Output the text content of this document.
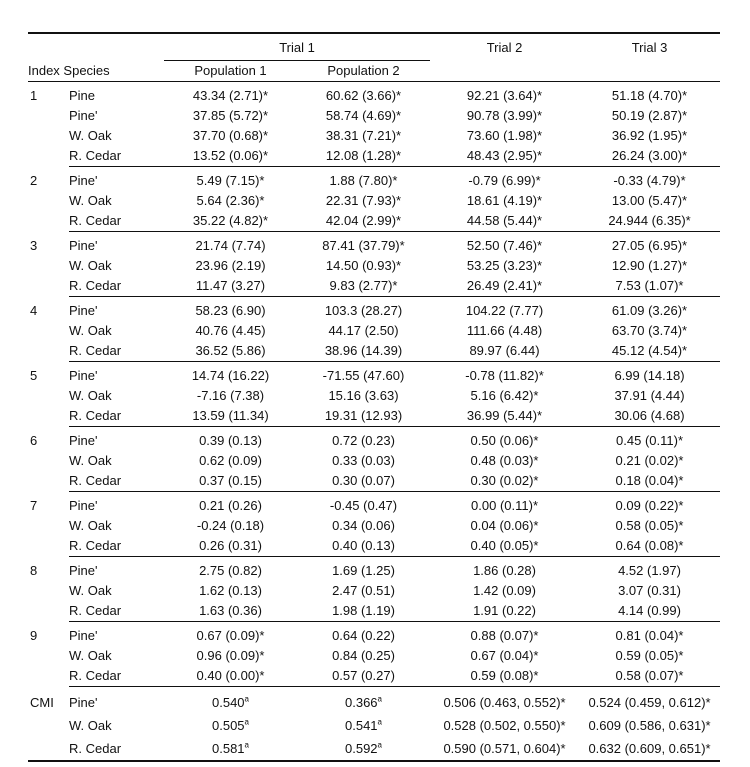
		Trial 1		Trial 2	Trial 3
Index Species		Population 1	Population 2		
1	Pine	43.34 (2.71)*	60.62 (3.66)*	92.21 (3.64)*	51.18 (4.70)*
	Pine'	37.85 (5.72)*	58.74 (4.69)*	90.78 (3.99)*	50.19 (2.87)*
	W. Oak	37.70 (0.68)*	38.31 (7.21)*	73.60 (1.98)*	36.92 (1.95)*
	R. Cedar	13.52 (0.06)*	12.08 (1.28)*	48.43 (2.95)*	26.24 (3.00)*
2	Pine'	5.49 (7.15)*	1.88 (7.80)*	-0.79 (6.99)*	-0.33 (4.79)*
	W. Oak	5.64 (2.36)*	22.31 (7.93)*	18.61 (4.19)*	13.00 (5.47)*
	R. Cedar	35.22 (4.82)*	42.04 (2.99)*	44.58 (5.44)*	24.944 (6.35)*
3	Pine'	21.74 (7.74)	87.41 (37.79)*	52.50 (7.46)*	27.05 (6.95)*
	W. Oak	23.96 (2.19)	14.50 (0.93)*	53.25 (3.23)*	12.90 (1.27)*
	R. Cedar	11.47 (3.27)	9.83 (2.77)*	26.49 (2.41)*	7.53 (1.07)*
4	Pine'	58.23 (6.90)	103.3 (28.27)	104.22 (7.77)	61.09 (3.26)*
	W. Oak	40.76 (4.45)	44.17 (2.50)	111.66 (4.48)	63.70 (3.74)*
	R. Cedar	36.52 (5.86)	38.96 (14.39)	89.97 (6.44)	45.12 (4.54)*
5	Pine'	14.74 (16.22)	-71.55 (47.60)	-0.78 (11.82)*	6.99 (14.18)
	W. Oak	-7.16 (7.38)	15.16 (3.63)	5.16 (6.42)*	37.91 (4.44)
	R. Cedar	13.59 (11.34)	19.31 (12.93)	36.99 (5.44)*	30.06 (4.68)
6	Pine'	0.39 (0.13)	0.72 (0.23)	0.50 (0.06)*	0.45 (0.11)*
	W. Oak	0.62 (0.09)	0.33 (0.03)	0.48 (0.03)*	0.21 (0.02)*
	R. Cedar	0.37 (0.15)	0.30 (0.07)	0.30 (0.02)*	0.18 (0.04)*
7	Pine'	0.21 (0.26)	-0.45 (0.47)	0.00 (0.11)*	0.09 (0.22)*
	W. Oak	-0.24 (0.18)	0.34 (0.06)	0.04 (0.06)*	0.58 (0.05)*
	R. Cedar	0.26 (0.31)	0.40 (0.13)	0.40 (0.05)*	0.64 (0.08)*
8	Pine'	2.75 (0.82)	1.69 (1.25)	1.86 (0.28)	4.52 (1.97)
	W. Oak	1.62 (0.13)	2.47 (0.51)	1.42 (0.09)	3.07 (0.31)
	R. Cedar	1.63 (0.36)	1.98 (1.19)	1.91 (0.22)	4.14 (0.99)
9	Pine'	0.67 (0.09)*	0.64 (0.22)	0.88 (0.07)*	0.81 (0.04)*
	W. Oak	0.96 (0.09)*	0.84 (0.25)	0.67 (0.04)*	0.59 (0.05)*
	R. Cedar	0.40 (0.00)*	0.57 (0.27)	0.59 (0.08)*	0.58 (0.07)*
CMI	Pine'	0.540$^a$	0.366$^a$	0.506 (0.463, 0.552)*	0.524 (0.459, 0.612)*
	W. Oak	0.505$^a$	0.541$^a$	0.528 (0.502, 0.550)*	0.609 (0.586, 0.631)*
	R. Cedar	0.581$^a$	0.592$^a$	0.590 (0.571, 0.604)*	0.632 (0.609, 0.651)*
